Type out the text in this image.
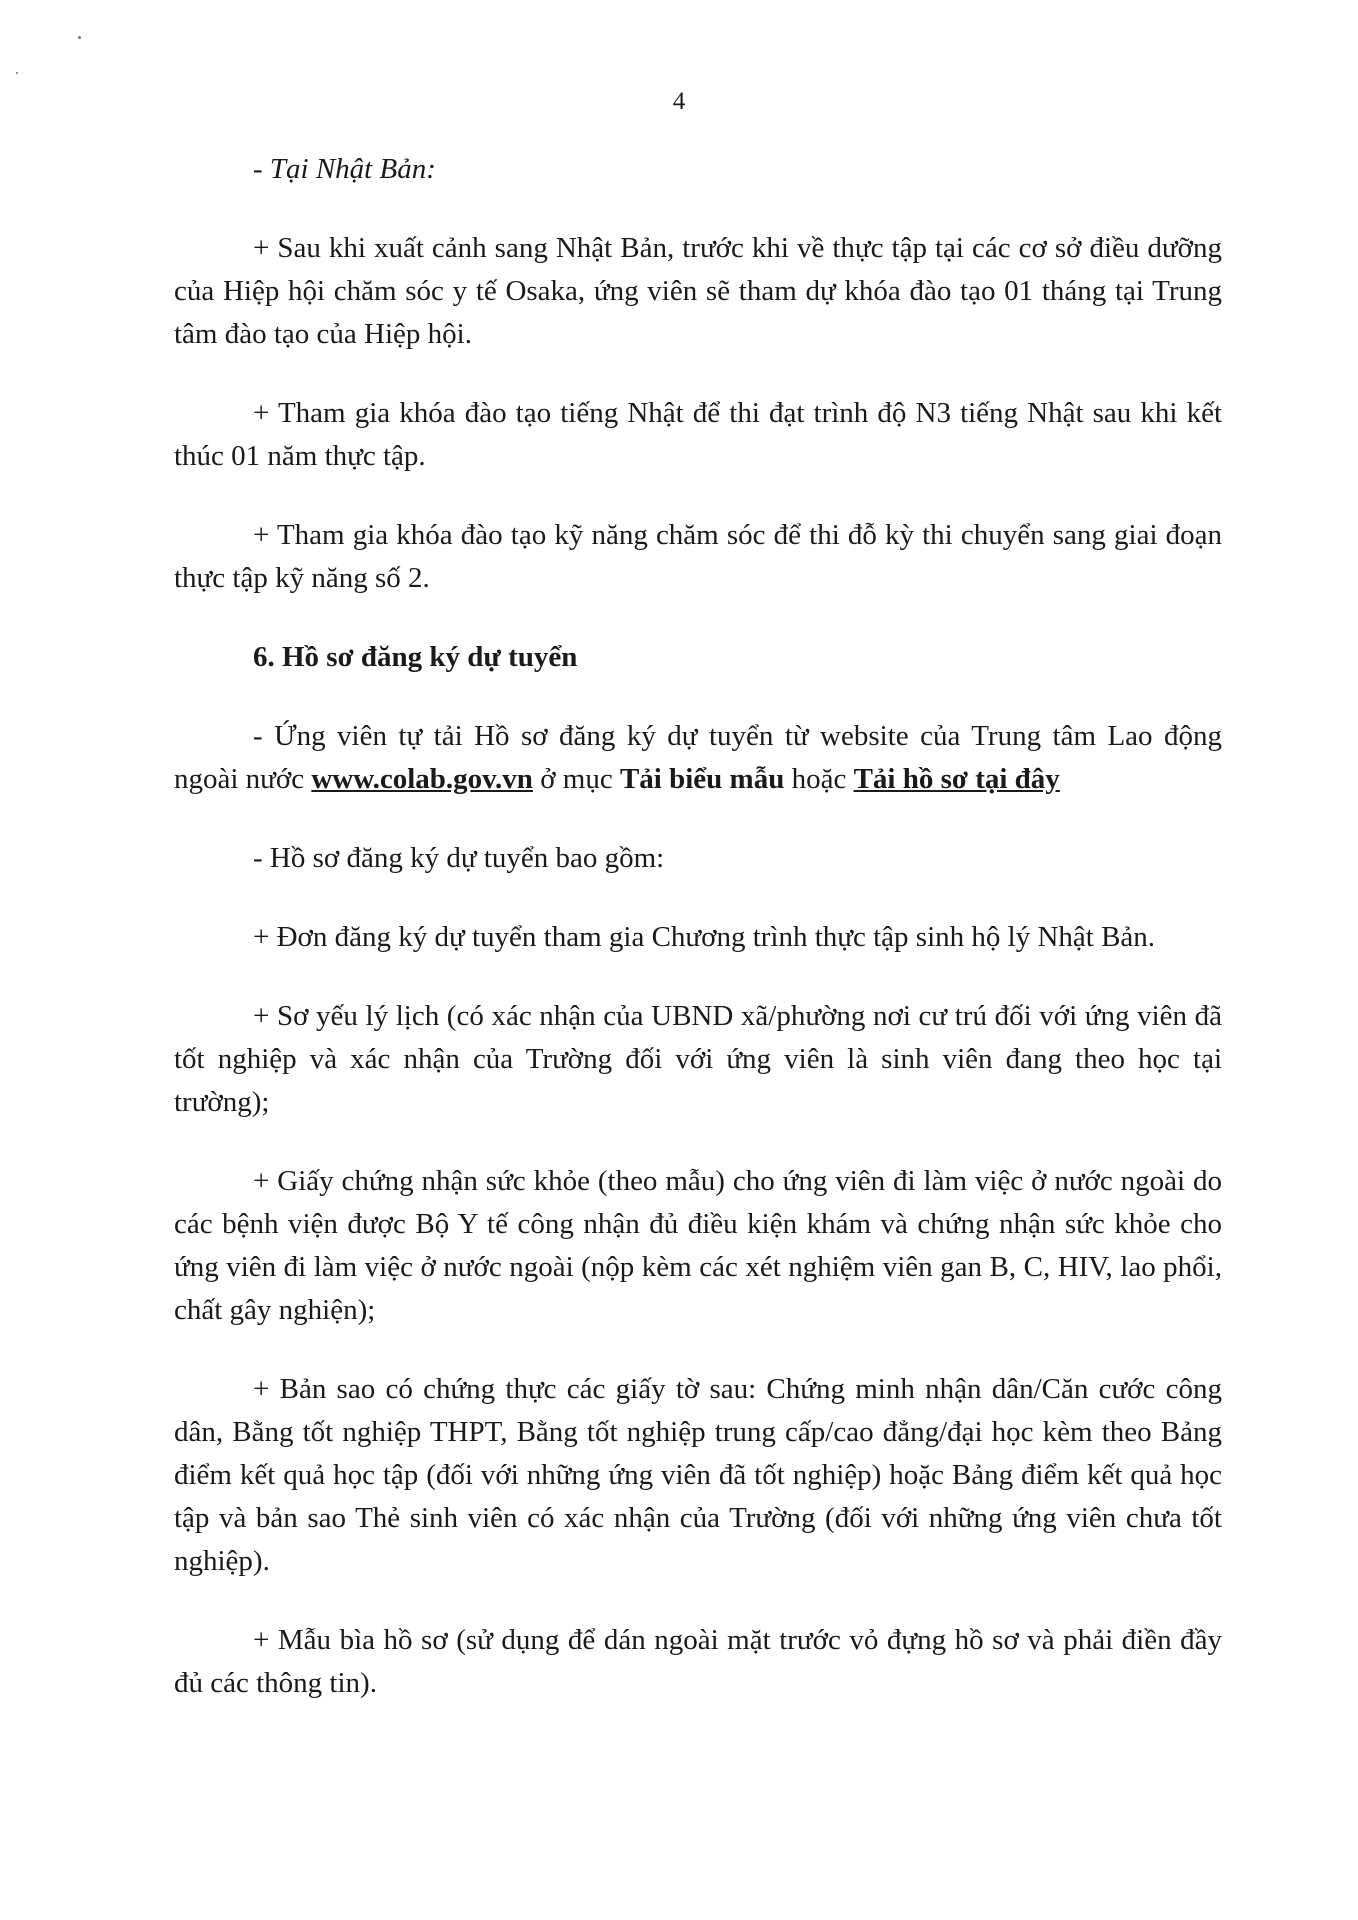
4

- Tại Nhật Bản:

+ Sau khi xuất cảnh sang Nhật Bản, trước khi về thực tập tại các cơ sở điều dưỡng của Hiệp hội chăm sóc y tế Osaka, ứng viên sẽ tham dự khóa đào tạo 01 tháng tại Trung tâm đào tạo của Hiệp hội.

+ Tham gia khóa đào tạo tiếng Nhật để thi đạt trình độ N3 tiếng Nhật sau khi kết thúc 01 năm thực tập.

+ Tham gia khóa đào tạo kỹ năng chăm sóc để thi đỗ kỳ thi chuyển sang giai đoạn thực tập kỹ năng số 2.

6. Hồ sơ đăng ký dự tuyển

- Ứng viên tự tải Hồ sơ đăng ký dự tuyển từ website của Trung tâm Lao động ngoài nước www.colab.gov.vn ở mục Tải biểu mẫu hoặc Tải hồ sơ tại đây

- Hồ sơ đăng ký dự tuyển bao gồm:

+ Đơn đăng ký dự tuyển tham gia Chương trình thực tập sinh hộ lý Nhật Bản.

+ Sơ yếu lý lịch (có xác nhận của UBND xã/phường nơi cư trú đối với ứng viên đã tốt nghiệp và xác nhận của Trường đối với ứng viên là sinh viên đang theo học tại trường);

+ Giấy chứng nhận sức khỏe (theo mẫu) cho ứng viên đi làm việc ở nước ngoài do các bệnh viện được Bộ Y tế công nhận đủ điều kiện khám và chứng nhận sức khỏe cho ứng viên đi làm việc ở nước ngoài (nộp kèm các xét nghiệm viên gan B, C, HIV, lao phổi, chất gây nghiện);

+ Bản sao có chứng thực các giấy tờ sau: Chứng minh nhận dân/Căn cước công dân, Bằng tốt nghiệp THPT, Bằng tốt nghiệp trung cấp/cao đẳng/đại học kèm theo Bảng điểm kết quả học tập (đối với những ứng viên đã tốt nghiệp) hoặc Bảng điểm kết quả học tập và bản sao Thẻ sinh viên có xác nhận của Trường (đối với những ứng viên chưa tốt nghiệp).

+ Mẫu bìa hồ sơ (sử dụng để dán ngoài mặt trước vỏ đựng hồ sơ và phải điền đầy đủ các thông tin).
